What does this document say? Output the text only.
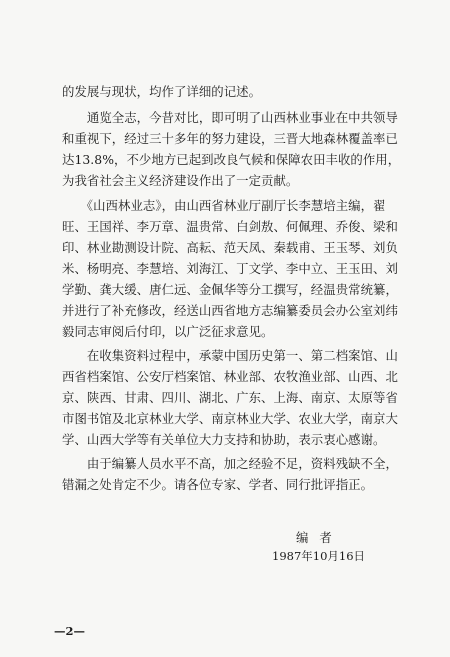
的发展与现状，均作了详细的记述。
　　通览全志，今昔对比，即可明了山西林业事业在中共领导
和重视下，经过三十多年的努力建设，三晋大地森林覆盖率已
达13.8%，不少地方已起到改良气候和保障农田丰收的作用，
为我省社会主义经济建设作出了一定贡献。
　　《山西林业志》，由山西省林业厅副厅长李慧培主编，翟
旺、王国祥、李万章、温贵常、白剑敖、何佩理、乔俊、梁和
印、林业勘测设计院、高耘、范天凤、秦载甫、王玉琴、刘负
米、杨明亮、李慧培、刘海江、丁文学、李中立、王玉田、刘
学勤、龚大缓、唐仁远、金佩华等分工撰写，经温贵常统纂，
并进行了补充修改，经送山西省地方志编纂委员会办公室刘纬
毅同志审阅后付印，以广泛征求意见。
　　在收集资料过程中，承蒙中国历史第一、第二档案馆、山
西省档案馆、公安厅档案馆、林业部、农牧渔业部、山西、北
京、陕西、甘肃、四川、湖北、广东、上海、南京、太原等省
市图书馆及北京林业大学、南京林业大学、农业大学，南京大
学、山西大学等有关单位大力支持和协助，表示衷心感谢。
　　由于编纂人员水平不高，加之经验不足，资料残缺不全，
错漏之处肯定不少。请各位专家、学者、同行批评指正。
编者
1987年10月16日
—2—
